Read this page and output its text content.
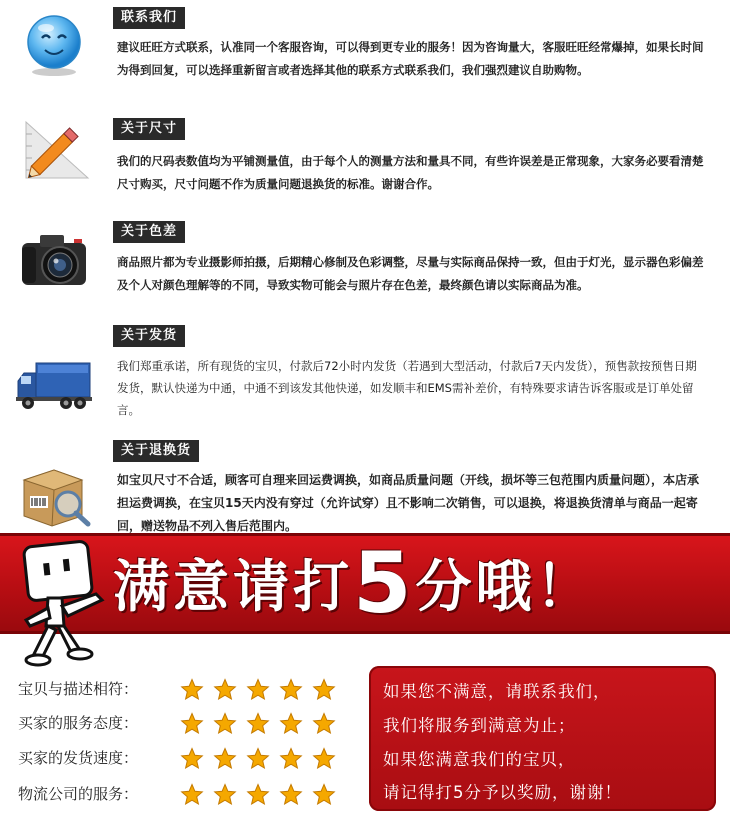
联系我们
建议旺旺方式联系，认准同一个客服咨询，可以得到更专业的服务！因为咨询量大，客服旺旺经常爆掉，如果长时间为得到回复，可以选择重新留言或者选择其他的联系方式联系我们，我们强烈建议自助购物。
关于尺寸
我们的尺码表数值均为平铺测量值，由于每个人的测量方法和量具不同，有些许误差是正常现象，大家务必要看清楚尺寸购买，尺寸问题不作为质量问题退换货的标准。谢谢合作。
关于色差
商品照片都为专业摄影师拍摄，后期精心修制及色彩调整，尽量与实际商品保持一致，但由于灯光，显示器色彩偏差及个人对颜色理解等的不同，导致实物可能会与照片存在色差，最终颜色请以实际商品为准。
关于发货
我们郑重承诺，所有现货的宝贝，付款后72小时内发货（若遇到大型活动，付款后7天内发货），预售款按预售日期发货，默认快递为中通，中通不到该发其他快递，如发顺丰和EMS需补差价，有特殊要求请告诉客服或是订单处留言。
关于退换货
如宝贝尺寸不合适，顾客可自理来回运费调换，如商品质量问题（开线，损坏等三包范围内质量问题），本店承担运费调换，在宝贝15天内没有穿过（允许试穿）且不影响二次销售，可以退换，将退换货清单与商品一起寄回，赠送物品不列入售后范围内。
满意请打5分哦！
宝贝与描述相符：
买家的服务态度：
买家的发货速度：
物流公司的服务：

如果您不满意，请联系我们，

我们将服务到满意为止；

如果您满意我们的宝贝，

请记得打5分予以奖励，谢谢！
